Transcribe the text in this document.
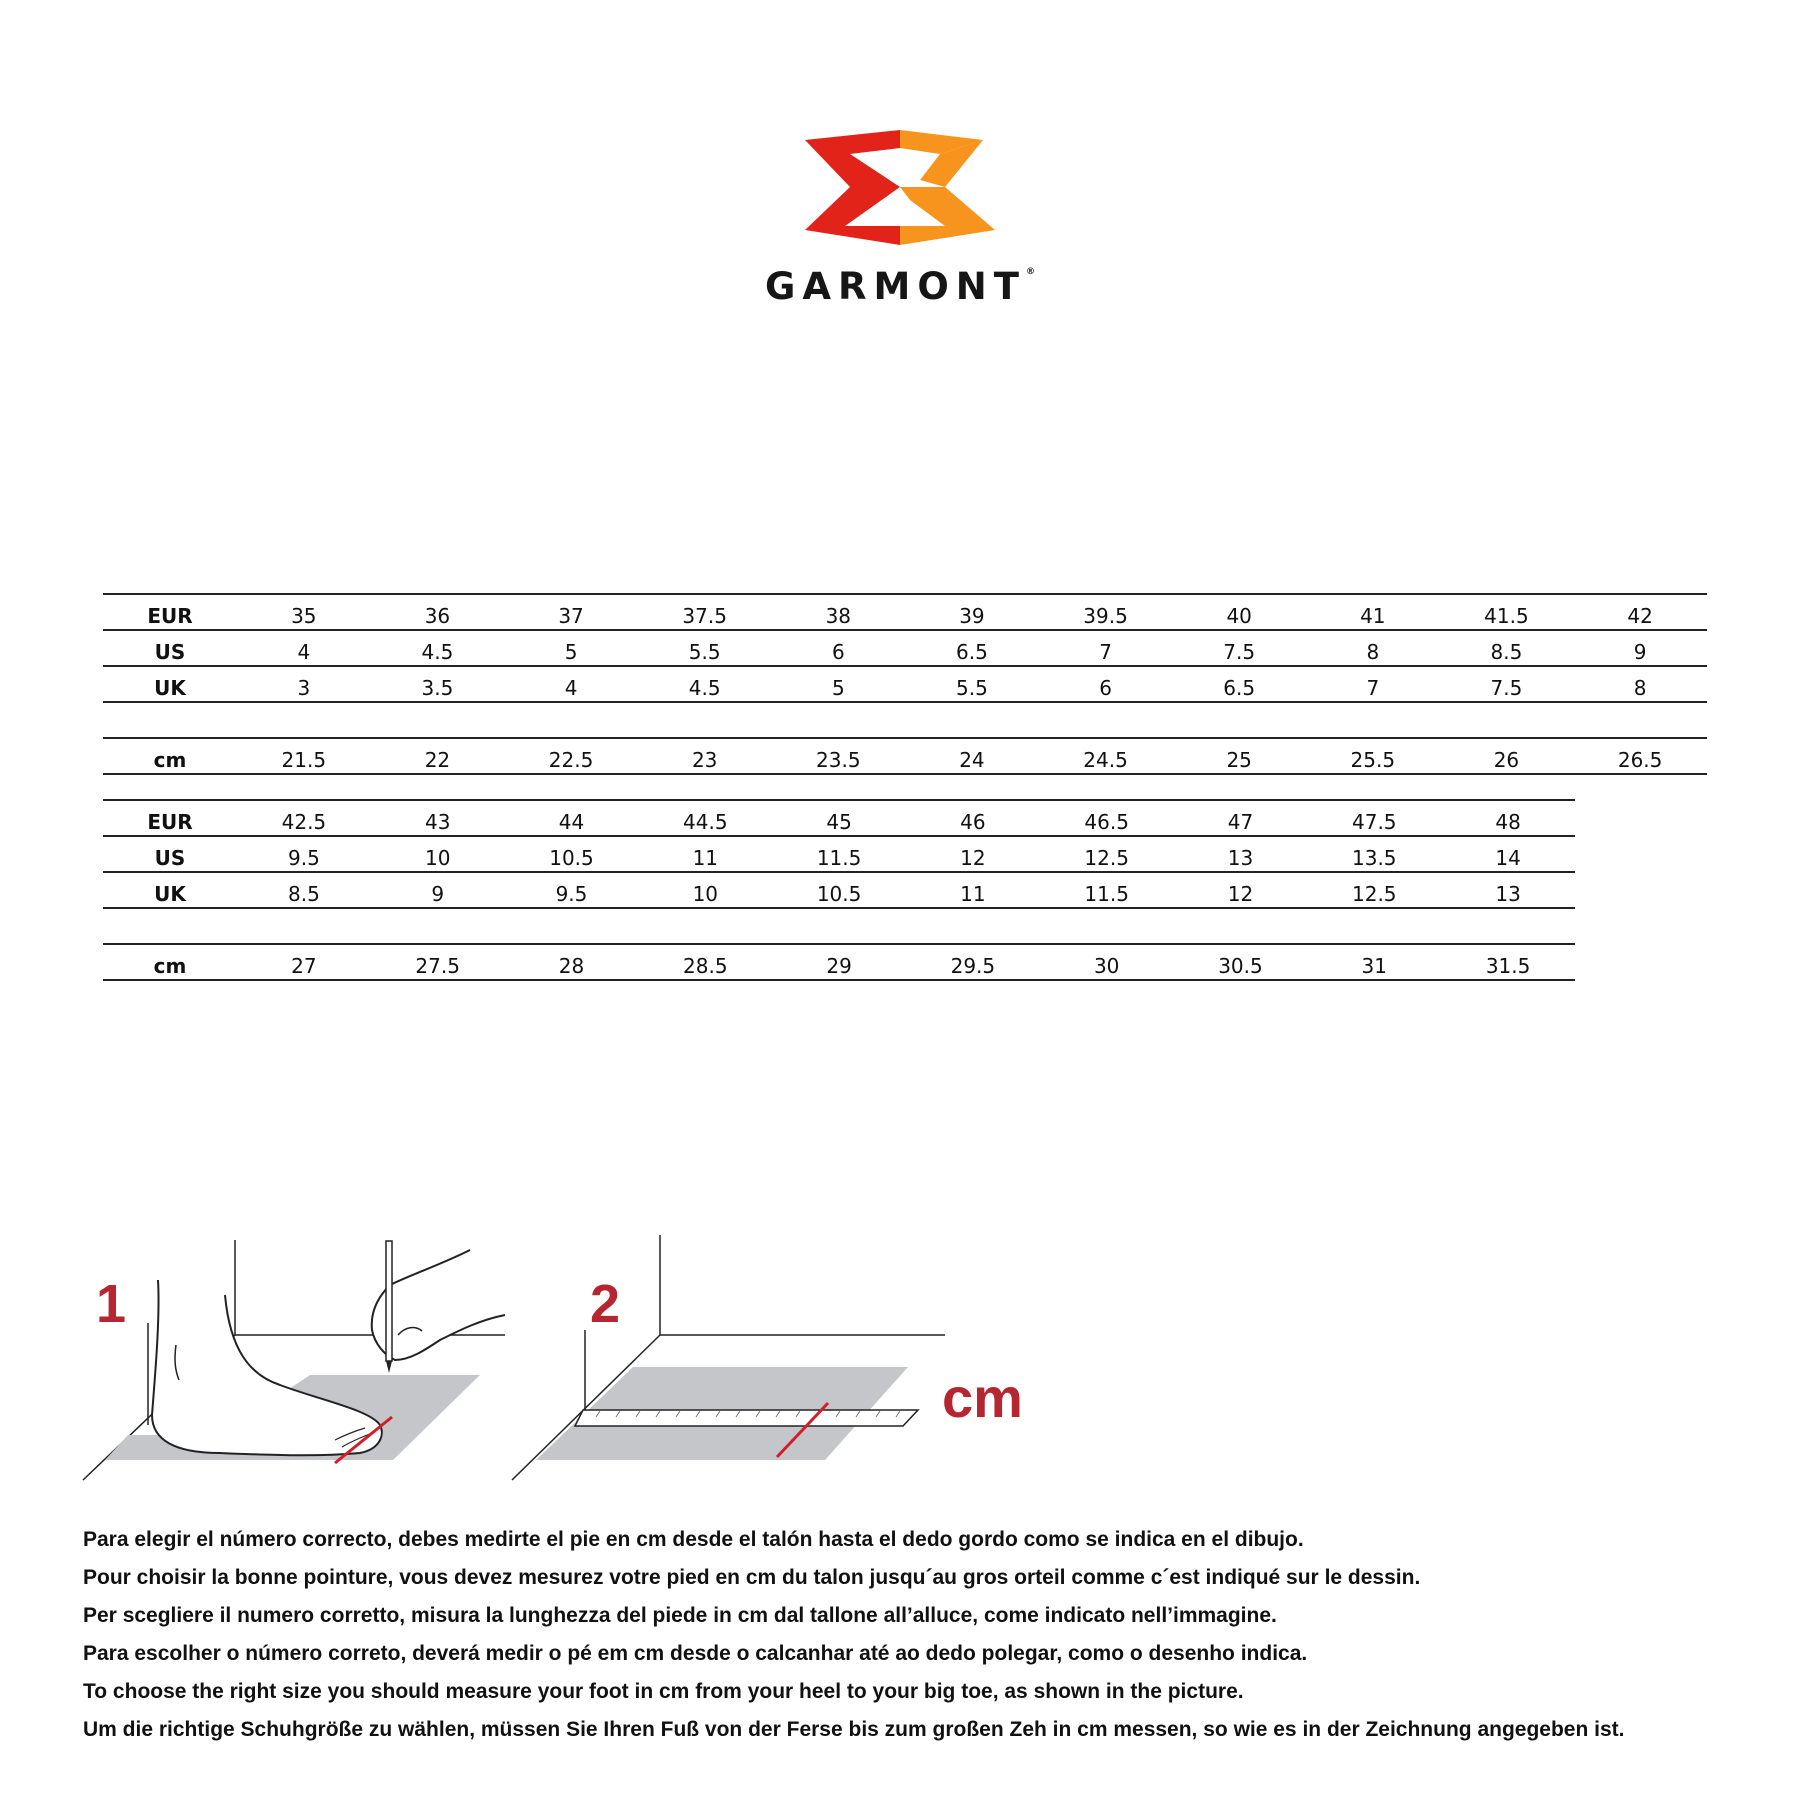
GARMONT®
EUR	35	36	37	37.5	38	39	39.5	40	41	41.5	42
US	4	4.5	5	5.5	6	6.5	7	7.5	8	8.5	9
UK	3	3.5	4	4.5	5	5.5	6	6.5	7	7.5	8

cm	21.5	22	22.5	23	23.5	24	24.5	25	25.5	26	26.5
EUR	42.5	43	44	44.5	45	46	46.5	47	47.5	48
US	9.5	10	10.5	11	11.5	12	12.5	13	13.5	14
UK	8.5	9	9.5	10	10.5	11	11.5	12	12.5	13

cm	27	27.5	28	28.5	29	29.5	30	30.5	31	31.5
1	2
cm

Para elegir el número correcto, debes medirte el pie en cm desde el talón hasta el dedo gordo como se indica en el dibujo.

Pour choisir la bonne pointure, vous devez mesurez votre pied en cm du talon jusqu´au gros orteil comme c´est indiqué sur le dessin.

Per scegliere il numero corretto, misura la lunghezza del piede in cm dal tallone all’alluce, come indicato nell’immagine.

Para escolher o número correto, deverá medir o pé em cm desde o calcanhar até ao dedo polegar, como o desenho indica.

To choose the right size you should measure your foot in cm from your heel to your big toe, as shown in the picture.

Um die richtige Schuhgröße zu wählen, müssen Sie Ihren Fuß von der Ferse bis zum großen Zeh in cm messen, so wie es in der Zeichnung angegeben ist.
